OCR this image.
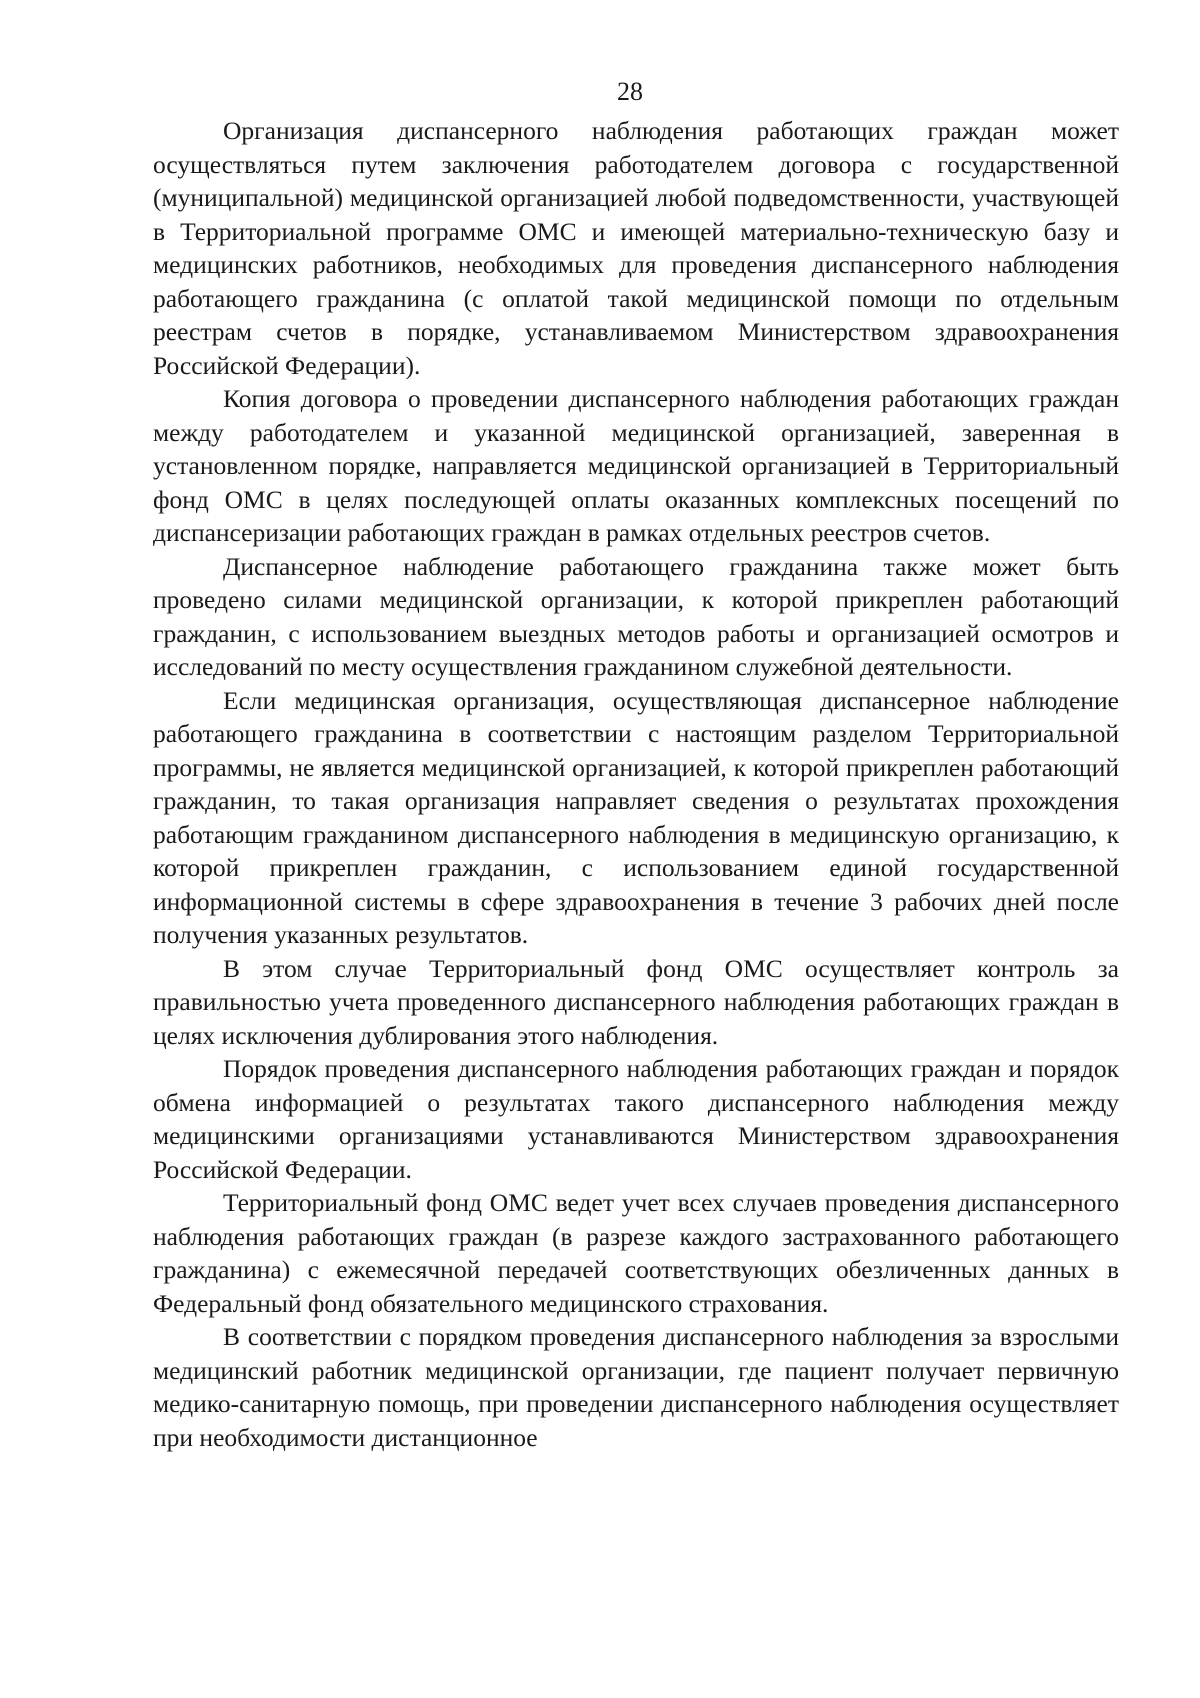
28

Организация диспансерного наблюдения работающих граждан может осуществляться путем заключения работодателем договора с государственной (муниципальной) медицинской организацией любой подведомственности, участвующей в Территориальной программе ОМС и имеющей материально-техническую базу и медицинских работников, необходимых для проведения диспансерного наблюдения работающего гражданина (с оплатой такой медицинской помощи по отдельным реестрам счетов в порядке, устанавливаемом Министерством здравоохранения Российской Федерации).

Копия договора о проведении диспансерного наблюдения работающих граждан между работодателем и указанной медицинской организацией, заверенная в установленном порядке, направляется медицинской организацией в Территориальный фонд ОМС в целях последующей оплаты оказанных комплексных посещений по диспансеризации работающих граждан в рамках отдельных реестров счетов.

Диспансерное наблюдение работающего гражданина также может быть проведено силами медицинской организации, к которой прикреплен работающий гражданин, с использованием выездных методов работы и организацией осмотров и исследований по месту осуществления гражданином служебной деятельности.

Если медицинская организация, осуществляющая диспансерное наблюдение работающего гражданина в соответствии с настоящим разделом Территориальной программы, не является медицинской организацией, к которой прикреплен работающий гражданин, то такая организация направляет сведения о результатах прохождения работающим гражданином диспансерного наблюдения в медицинскую организацию, к которой прикреплен гражданин, с использованием единой государственной информационной системы в сфере здравоохранения в течение 3 рабочих дней после получения указанных результатов.

В этом случае Территориальный фонд ОМС осуществляет контроль за правильностью учета проведенного диспансерного наблюдения работающих граждан в целях исключения дублирования этого наблюдения.

Порядок проведения диспансерного наблюдения работающих граждан и порядок обмена информацией о результатах такого диспансерного наблюдения между медицинскими организациями устанавливаются Министерством здравоохранения Российской Федерации.

Территориальный фонд ОМС ведет учет всех случаев проведения диспансерного наблюдения работающих граждан (в разрезе каждого застрахованного работающего гражданина) с ежемесячной передачей соответствующих обезличенных данных в Федеральный фонд обязательного медицинского страхования.

В соответствии с порядком проведения диспансерного наблюдения за взрослыми медицинский работник медицинской организации, где пациент получает первичную медико-санитарную помощь, при проведении диспансерного наблюдения осуществляет при необходимости дистанционное
